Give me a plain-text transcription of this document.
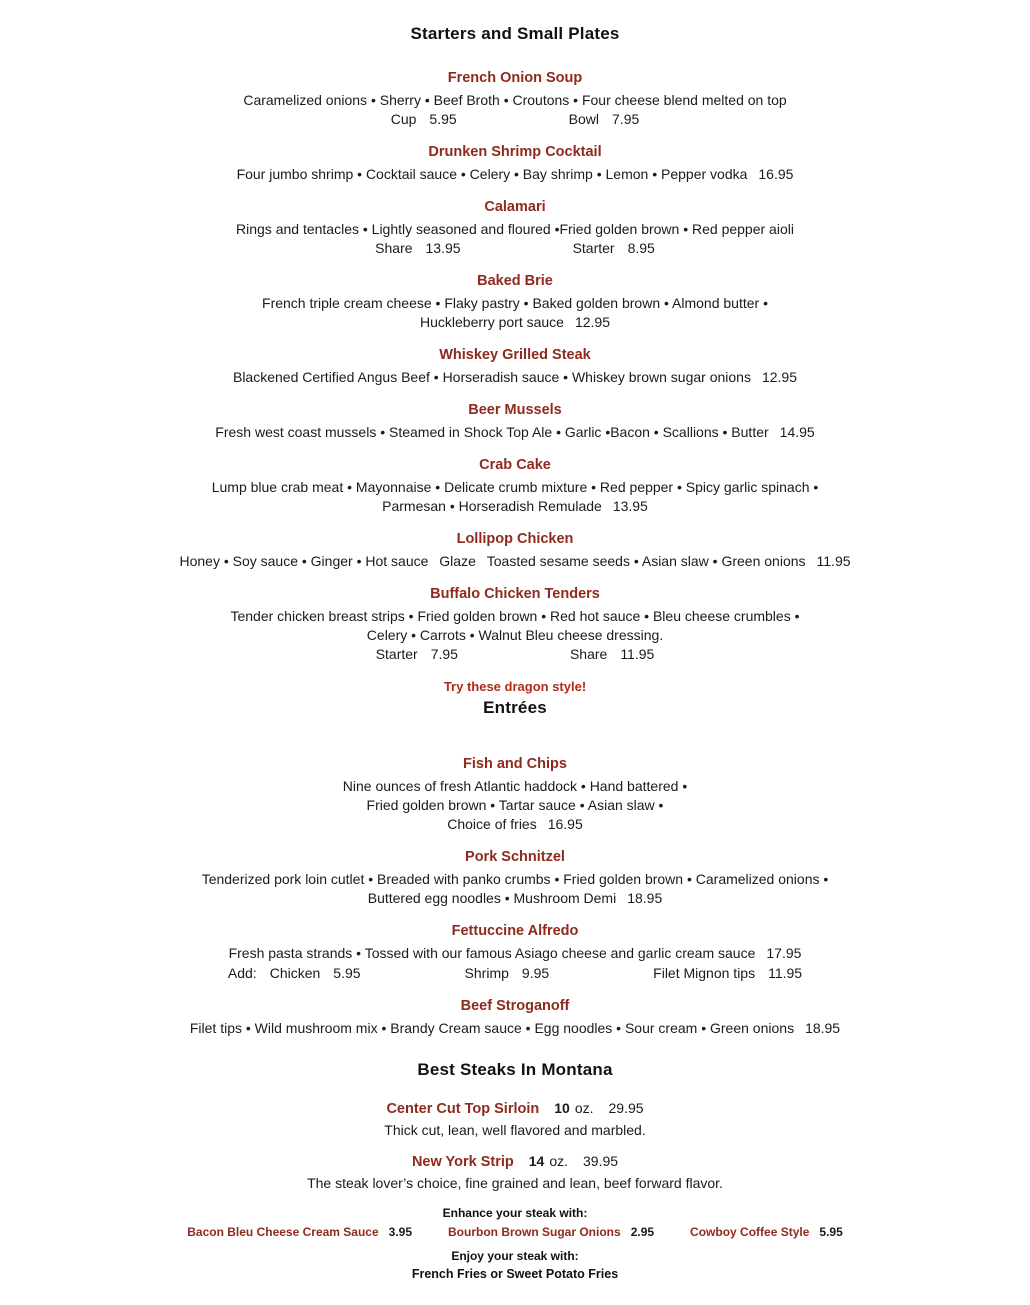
Starters and Small Plates
French Onion Soup

Caramelized onions • Sherry • Beef Broth • Croutons • Four cheese blend melted on top

Cup 5.95	Bowl 7.95
Drunken Shrimp Cocktail

Four jumbo shrimp • Cocktail sauce • Celery • Bay shrimp • Lemon • Pepper vodka 16.95

Calamari

Rings and tentacles • Lightly seasoned and floured •Fried golden brown • Red pepper aioli

Share 13.95	Starter 8.95
Baked Brie

French triple cream cheese • Flaky pastry • Baked golden brown • Almond butter •

Huckleberry port sauce 12.95

Whiskey Grilled Steak

Blackened Certified Angus Beef • Horseradish sauce • Whiskey brown sugar onions 12.95

Beer Mussels

Fresh west coast mussels • Steamed in Shock Top Ale • Garlic •Bacon • Scallions • Butter 14.95

Crab Cake

Lump blue crab meat • Mayonnaise • Delicate crumb mixture • Red pepper • Spicy garlic spinach •

Parmesan • Horseradish Remulade 13.95

Lollipop Chicken

Honey • Soy sauce • Ginger • Hot sauce  Glaze  Toasted sesame seeds • Asian slaw • Green onions 11.95

Buffalo Chicken Tenders

Tender chicken breast strips • Fried golden brown • Red hot sauce • Bleu cheese crumbles •

Celery • Carrots • Walnut Bleu cheese dressing.

Starter 7.95	Share 11.95

Try these dragon style!

Entrées
Fish and Chips

Nine ounces of fresh Atlantic haddock • Hand battered •

Fried golden brown • Tartar sauce • Asian slaw •

Choice of fries 16.95

Pork Schnitzel

Tenderized pork loin cutlet • Breaded with panko crumbs • Fried golden brown • Caramelized onions •

Buttered egg noodles • Mushroom Demi 18.95

Fettuccine Alfredo

Fresh pasta strands • Tossed with our famous Asiago cheese and garlic cream sauce 17.95

Add: Chicken 5.95	Shrimp 9.95	Filet Mignon tips 11.95
Beef Stroganoff

Filet tips • Wild mushroom mix • Brandy Cream sauce • Egg noodles • Sour cream • Green onions 18.95

Best Steaks In Montana
Center Cut Top Sirloin 10 oz. 29.95

Thick cut, lean, well flavored and marbled.

New York Strip 14 oz. 39.95

The steak lover’s choice, fine grained and lean, beef forward flavor.

Enhance your steak with:

Bacon Bleu Cheese Cream Sauce 3.95	Bourbon Brown Sugar Onions 2.95	Cowboy Coffee Style 5.95

Enjoy your steak with:

French Fries or Sweet Potato Fries
